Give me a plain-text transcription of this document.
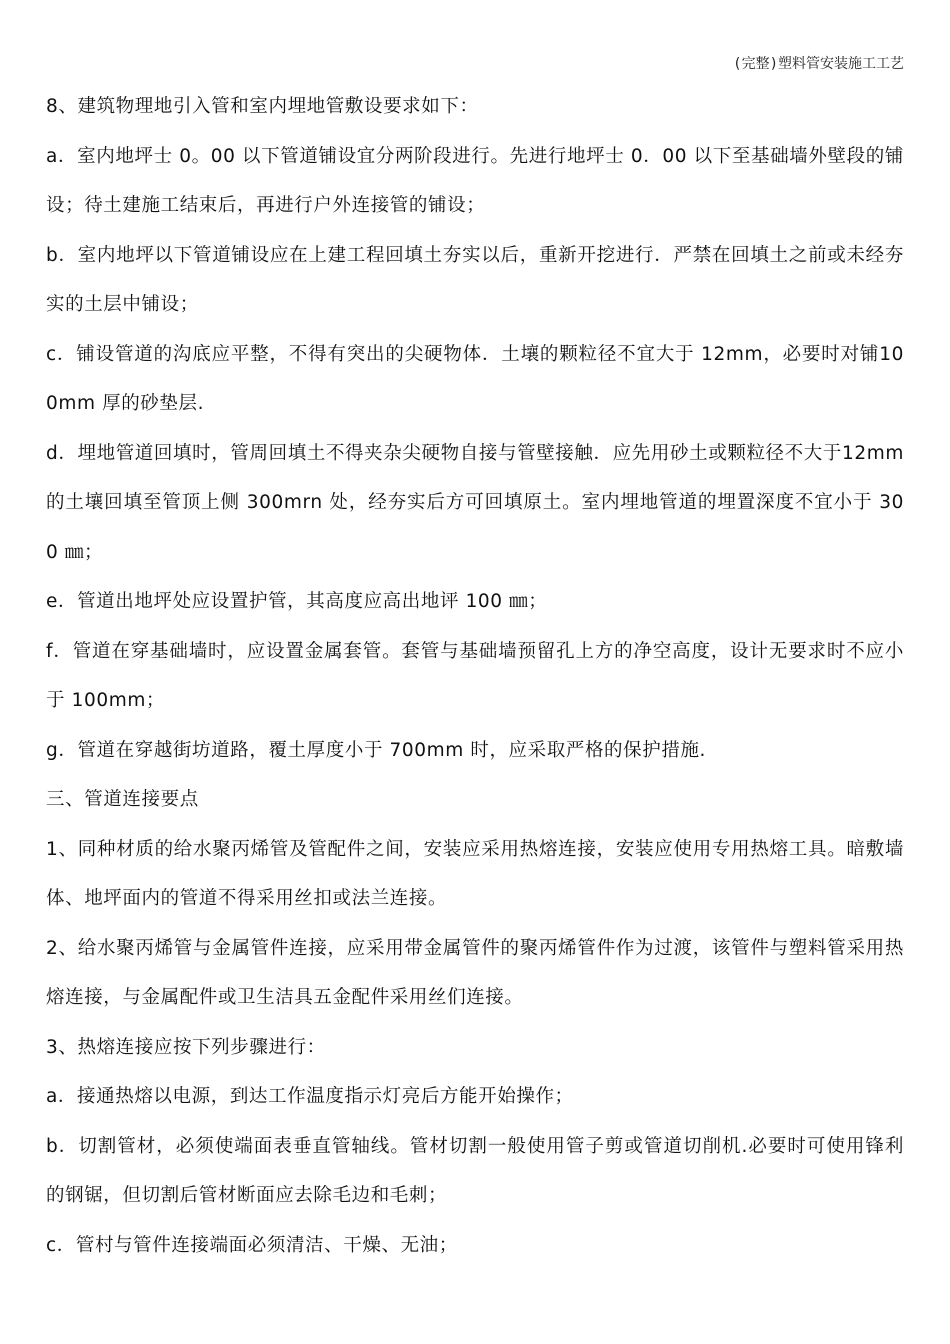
(完整)塑料管安装施工工艺

8、建筑物理地引入管和室内埋地管敷设要求如下：

a．室内地坪士 0。00 以下管道铺设宜分两阶段进行。先进行地坪士 0．00 以下至基础墙外壁段的铺设；待土建施工结束后，再进行户外连接管的铺设；

b．室内地坪以下管道铺设应在上建工程回填土夯实以后，重新开挖进行．严禁在回填土之前或未经夯实的土层中铺设；

c．铺设管道的沟底应平整，不得有突出的尖硬物体．土壤的颗粒径不宜大于 12mm，必要时对铺100mm 厚的砂垫层.

d．埋地管道回填时，管周回填土不得夹杂尖硬物自接与管壁接触．应先用砂土或颗粒径不大于12mm 的土壤回填至管顶上侧 300mrn 处，经夯实后方可回填原土。室内埋地管道的埋置深度不宜小于 300 ㎜；

e．管道出地坪处应设置护管，其高度应高出地评 100 ㎜；

f．管道在穿基础墙时，应设置金属套管。套管与基础墙预留孔上方的净空高度，设计无要求时不应小于 100mm；

g．管道在穿越街坊道路，覆土厚度小于 700mm 时，应采取严格的保护措施.

三、管道连接要点

1、同种材质的给水聚丙烯管及管配件之间，安装应采用热熔连接，安装应使用专用热熔工具。暗敷墙体、地坪面内的管道不得采用丝扣或法兰连接。

2、给水聚丙烯管与金属管件连接，应采用带金属管件的聚丙烯管件作为过渡，该管件与塑料管采用热熔连接，与金属配件或卫生洁具五金配件采用丝们连接。

3、热熔连接应按下列步骤进行：

a．接通热熔以电源，到达工作温度指示灯亮后方能开始操作；

b．切割管材，必须使端面表垂直管轴线。管材切割一般使用管子剪或管道切削机.必要时可使用锋利的钢锯，但切割后管材断面应去除毛边和毛刺；

c．管村与管件连接端面必须清洁、干燥、无油；
